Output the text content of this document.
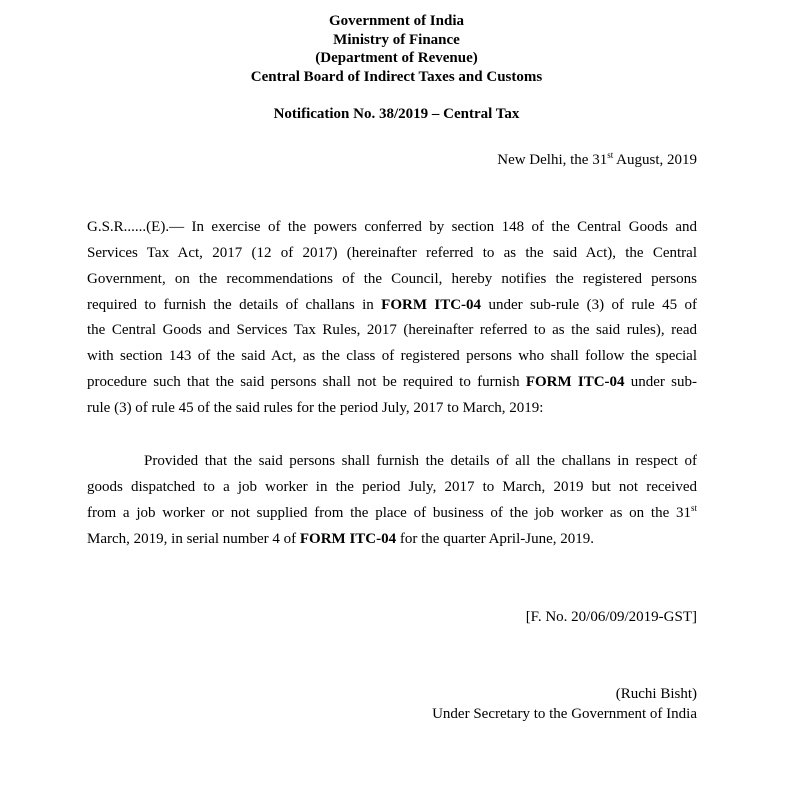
Government of India
Ministry of Finance
(Department of Revenue)
Central Board of Indirect Taxes and Customs
Notification No. 38/2019 – Central Tax
New Delhi, the 31st August, 2019
G.S.R......(E).— In exercise of the powers conferred by section 148 of the Central Goods and
Services Tax Act, 2017 (12 of 2017) (hereinafter referred to as the said Act), the Central
Government, on the recommendations of the Council, hereby notifies the registered persons
required to furnish the details of challans in FORM ITC-04 under sub-rule (3) of rule 45 of
the Central Goods and Services Tax Rules, 2017 (hereinafter referred to as the said rules), read
with section 143 of the said Act, as the class of registered persons who shall follow the special
procedure such that the said persons shall not be required to furnish FORM ITC-04 under sub-
rule (3) of rule 45 of the said rules for the period July, 2017 to March, 2019:
Provided that the said persons shall furnish the details of all the challans in respect of
goods dispatched to a job worker in the period July, 2017 to March, 2019 but not received
from a job worker or not supplied from the place of business of the job worker as on the 31st
March, 2019, in serial number 4 of FORM ITC-04 for the quarter April-June, 2019.
[F. No. 20/06/09/2019-GST]
(Ruchi Bisht)
Under Secretary to the Government of India
